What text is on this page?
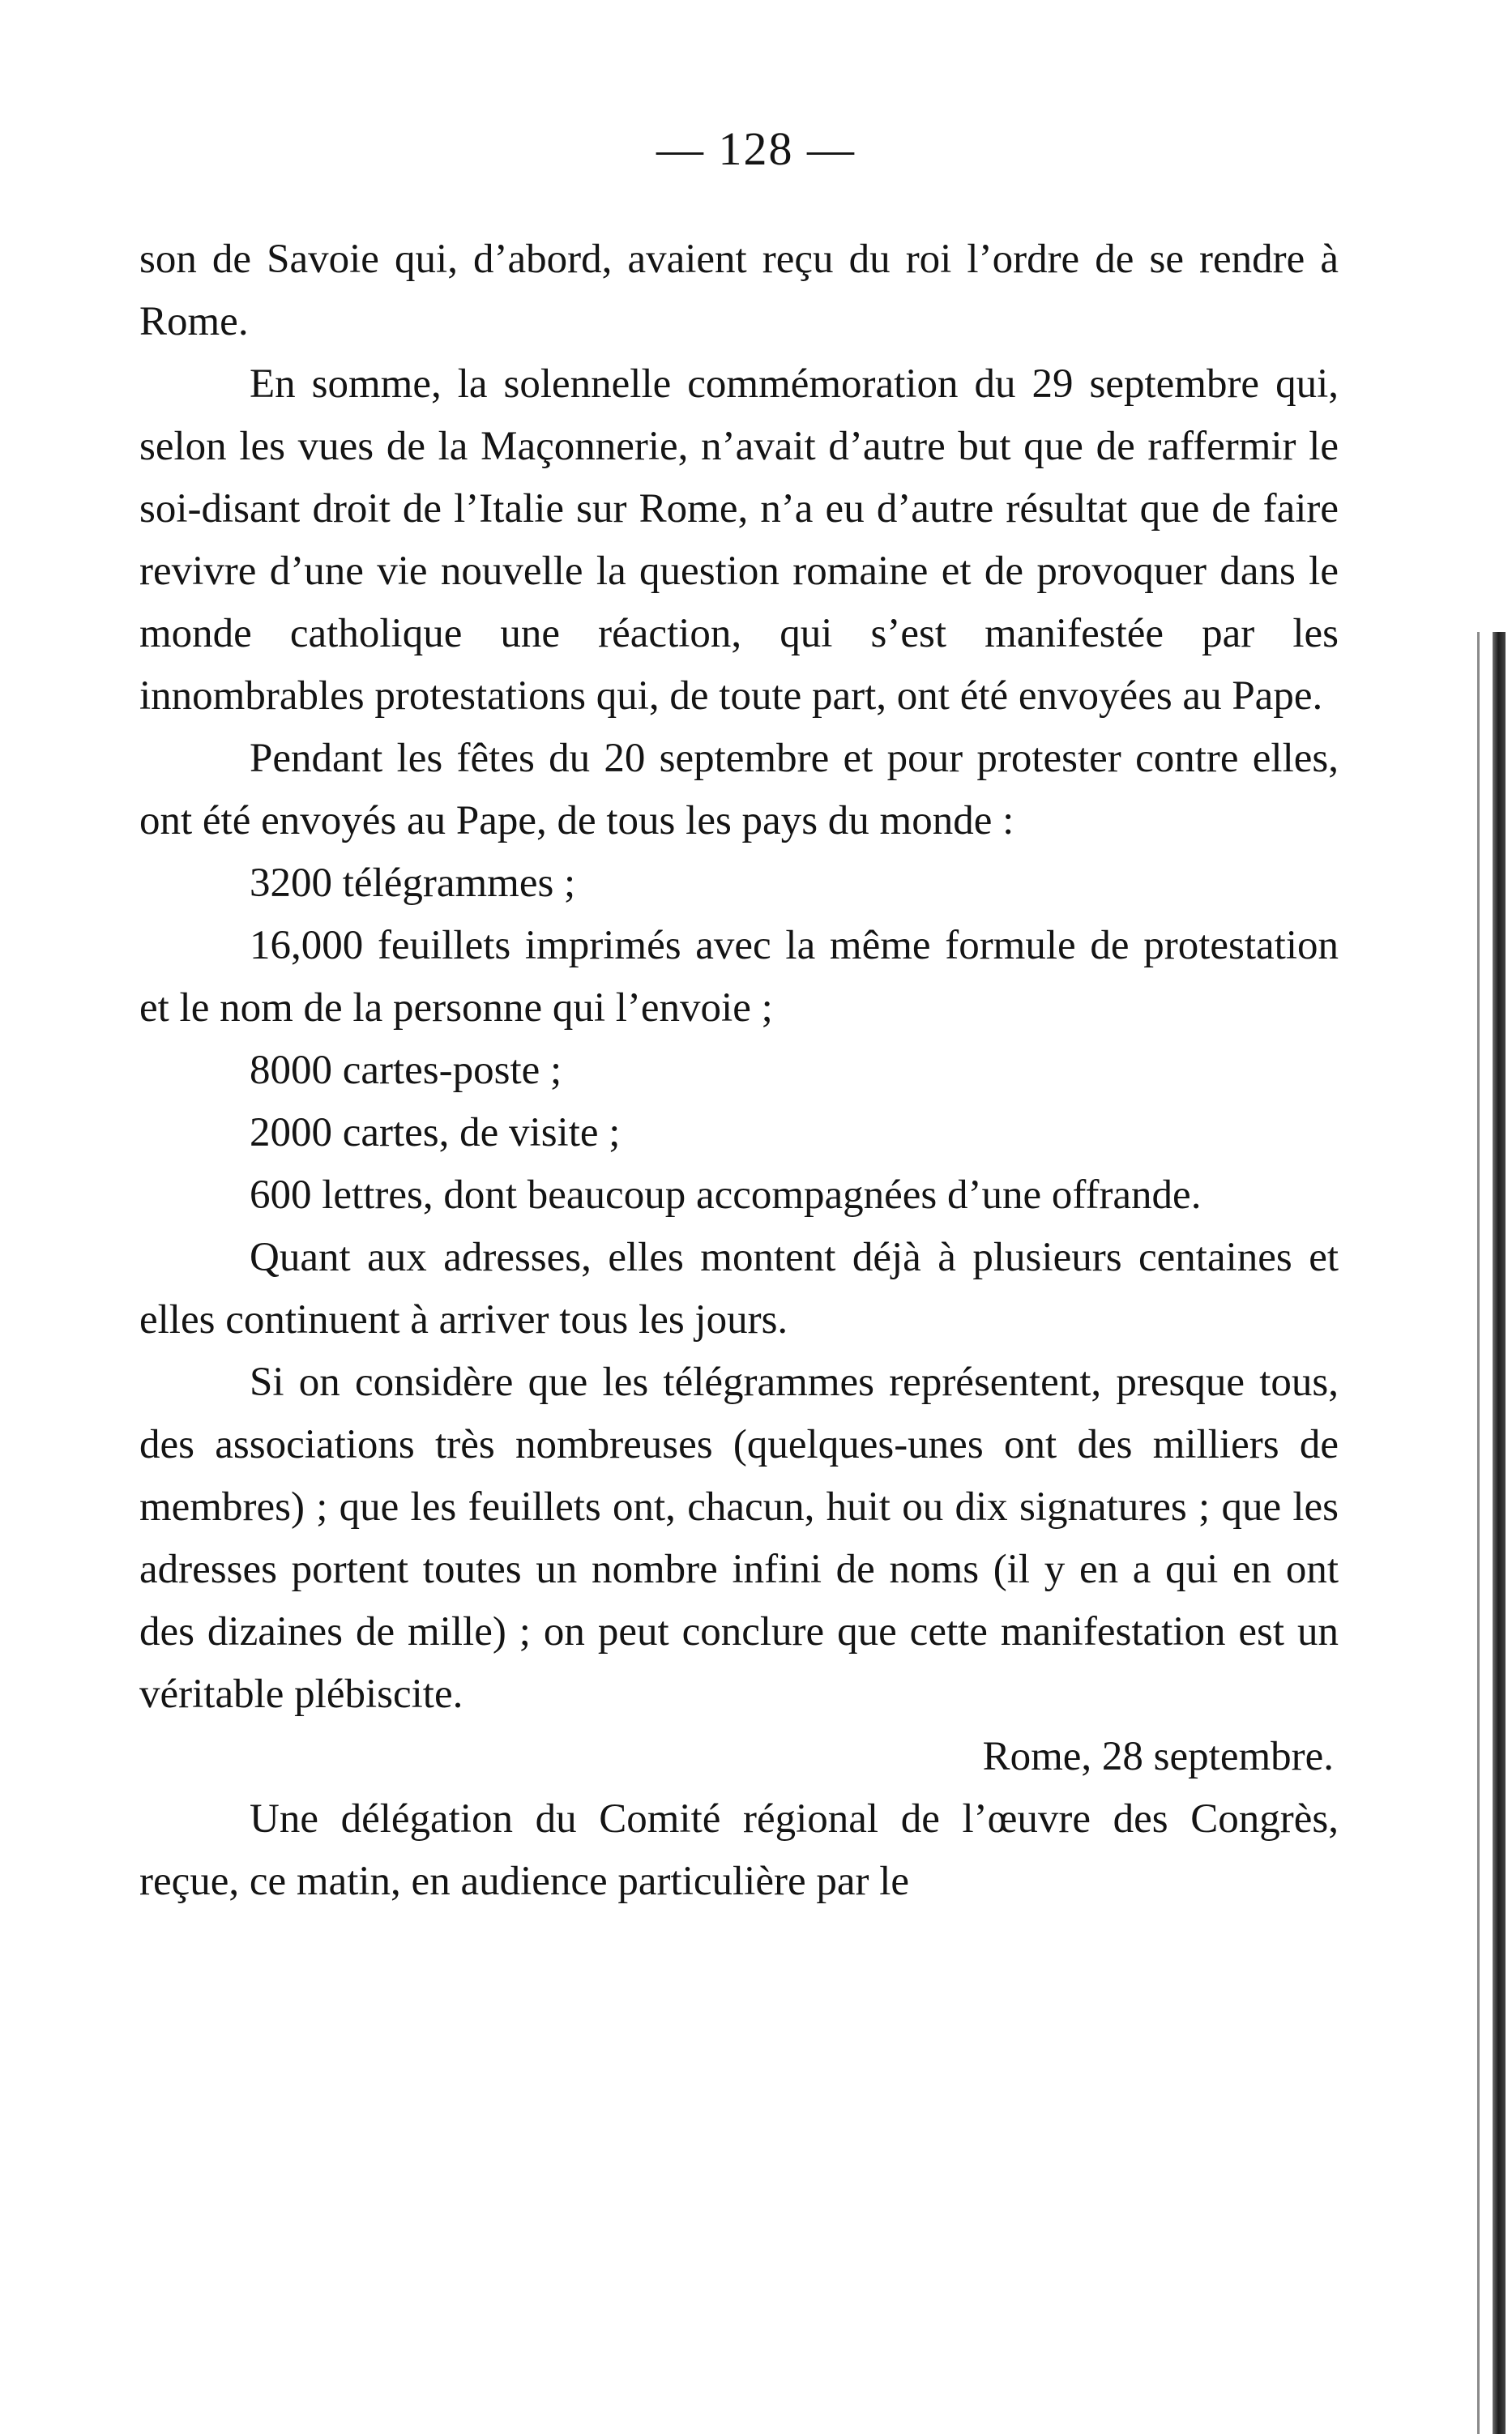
— 128 —

son de Savoie qui, d’abord, avaient reçu du roi l’ordre de se rendre à Rome.

En somme, la solennelle commémoration du 29 septembre qui, selon les vues de la Maçonnerie, n’avait d’autre but que de raffermir le soi-disant droit de l’Italie sur Rome, n’a eu d’autre résultat que de faire revivre d’une vie nouvelle la question romaine et de provoquer dans le monde catholique une réaction, qui s’est manifestée par les innombrables protestations qui, de toute part, ont été envoyées au Pape.

Pendant les fêtes du 20 septembre et pour protester contre elles, ont été envoyés au Pape, de tous les pays du monde :

3200 télégrammes ;

16,000 feuillets imprimés avec la même formule de protestation et le nom de la personne qui l’envoie ;

8000 cartes-poste ;

2000 cartes, de visite ;

600 lettres, dont beaucoup accompagnées d’une offrande.

Quant aux adresses, elles montent déjà à plusieurs centaines et elles continuent à arriver tous les jours.

Si on considère que les télégrammes représentent, presque tous, des associations très nombreuses (quelques-unes ont des milliers de membres) ; que les feuillets ont, chacun, huit ou dix signatures ; que les adresses portent toutes un nombre infini de noms (il y en a qui en ont des dizaines de mille) ; on peut conclure que cette manifestation est un véritable plébiscite.

Rome, 28 septembre.

Une délégation du Comité régional de l’œuvre des Congrès, reçue, ce matin, en audience particulière par le
